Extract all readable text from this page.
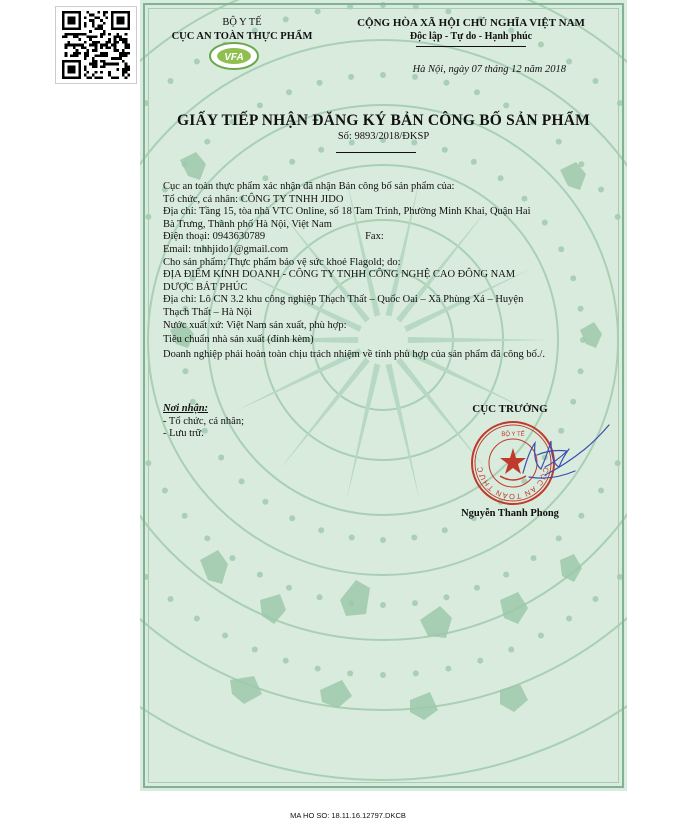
BỘ Y TẾ
CỤC AN TOÀN THỰC PHẨM
VFA
CỘNG HÒA XÃ HỘI CHỦ NGHĨA VIỆT NAM
Độc lập - Tự do - Hạnh phúc
Hà Nội, ngày 07 tháng 12 năm 2018
GIẤY TIẾP NHẬN ĐĂNG KÝ BẢN CÔNG BỐ SẢN PHẨM
Số: 9893/2018/ĐKSP

Cục an toàn thực phẩm xác nhận đã nhận Bản công bố sản phẩm của:

Tổ chức, cá nhân: CÔNG TY TNHH JIDO

Địa chỉ: Tầng 15, tòa nhà VTC Online, số 18 Tam Trinh, Phường Minh Khai, Quận Hai

Bà Trưng, Thành phố Hà Nội, Việt Nam

Điện thoại: 0943630789	Fax:

Email: tnhhjido1@gmail.com

Cho sản phẩm: Thực phẩm bảo vệ sức khoẻ Flagold; do:

ĐỊA ĐIỂM KINH DOANH - CÔNG TY TNHH CÔNG NGHỆ CAO ĐÔNG NAM

DƯỢC BẢT PHÚC

Địa chỉ: Lô CN 3.2 khu công nghiệp Thạch Thất – Quốc Oai – Xã Phùng Xá – Huyện

Thạch Thất – Hà Nội

Nước xuất xứ: Việt Nam sản xuất, phù hợp:

Tiêu chuẩn nhà sản xuất (đính kèm)

Doanh nghiệp phải hoàn toàn chịu trách nhiệm về tính phù hợp của sản phẩm đã công bố./.

Nơi nhận:
- Tổ chức, cá nhân;
- Lưu trữ.
CỤC TRƯỞNG
CỤC AN TOÀN THỰC
BỘ Y TẾ
Nguyễn Thanh Phong
MA HO SO: 18.11.16.12797.DKCB
